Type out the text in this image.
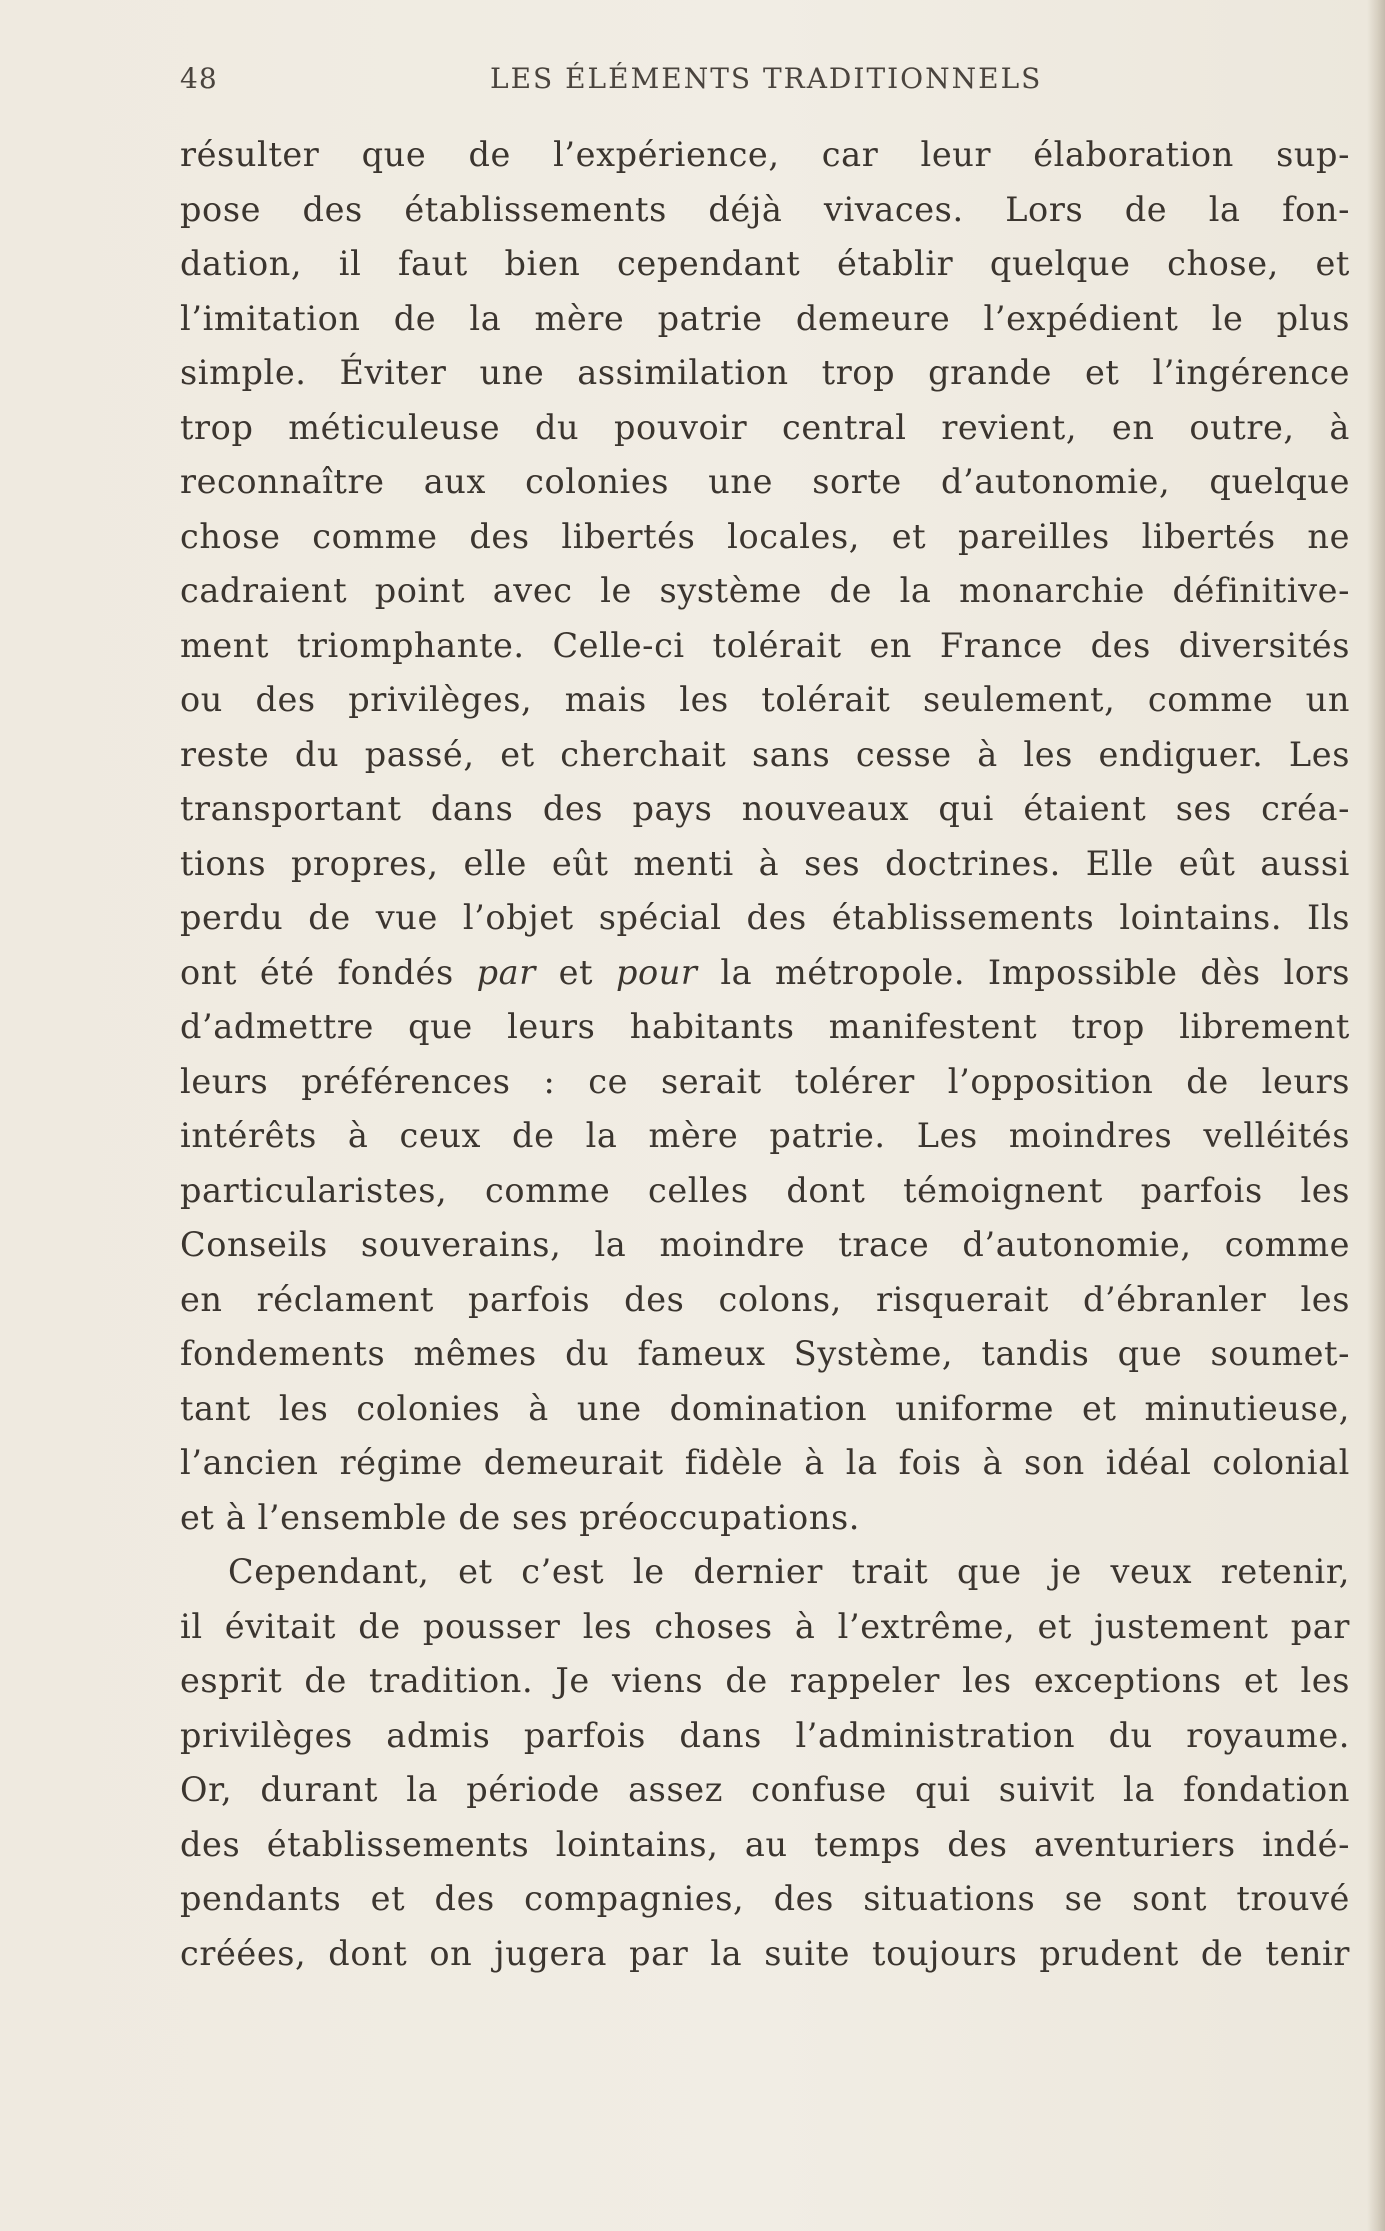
48	LES ÉLÉMENTS TRADITIONNELS
résulter que de l’expérience, car leur élaboration sup-
pose des établissements déjà vivaces. Lors de la fon-
dation, il faut bien cependant établir quelque chose, et
l’imitation de la mère patrie demeure l’expédient le plus
simple. Éviter une assimilation trop grande et l’ingérence
trop méticuleuse du pouvoir central revient, en outre, à
reconnaître aux colonies une sorte d’autonomie, quelque
chose comme des libertés locales, et pareilles libertés ne
cadraient point avec le système de la monarchie définitive-
ment triomphante. Celle-ci tolérait en France des diversités
ou des privilèges, mais les tolérait seulement, comme un
reste du passé, et cherchait sans cesse à les endiguer. Les
transportant dans des pays nouveaux qui étaient ses créa-
tions propres, elle eût menti à ses doctrines. Elle eût aussi
perdu de vue l’objet spécial des établissements lointains. Ils
ont été fondés par et pour la métropole. Impossible dès lors
d’admettre que leurs habitants manifestent trop librement
leurs préférences : ce serait tolérer l’opposition de leurs
intérêts à ceux de la mère patrie. Les moindres velléités
particularistes, comme celles dont témoignent parfois les
Conseils souverains, la moindre trace d’autonomie, comme
en réclament parfois des colons, risquerait d’ébranler les
fondements mêmes du fameux Système, tandis que soumet-
tant les colonies à une domination uniforme et minutieuse,
l’ancien régime demeurait fidèle à la fois à son idéal colonial
et à l’ensemble de ses préoccupations.
Cependant, et c’est le dernier trait que je veux retenir,
il évitait de pousser les choses à l’extrême, et justement par
esprit de tradition. Je viens de rappeler les exceptions et les
privilèges admis parfois dans l’administration du royaume.
Or, durant la période assez confuse qui suivit la fondation
des établissements lointains, au temps des aventuriers indé-
pendants et des compagnies, des situations se sont trouvé
créées, dont on jugera par la suite toujours prudent de tenir
